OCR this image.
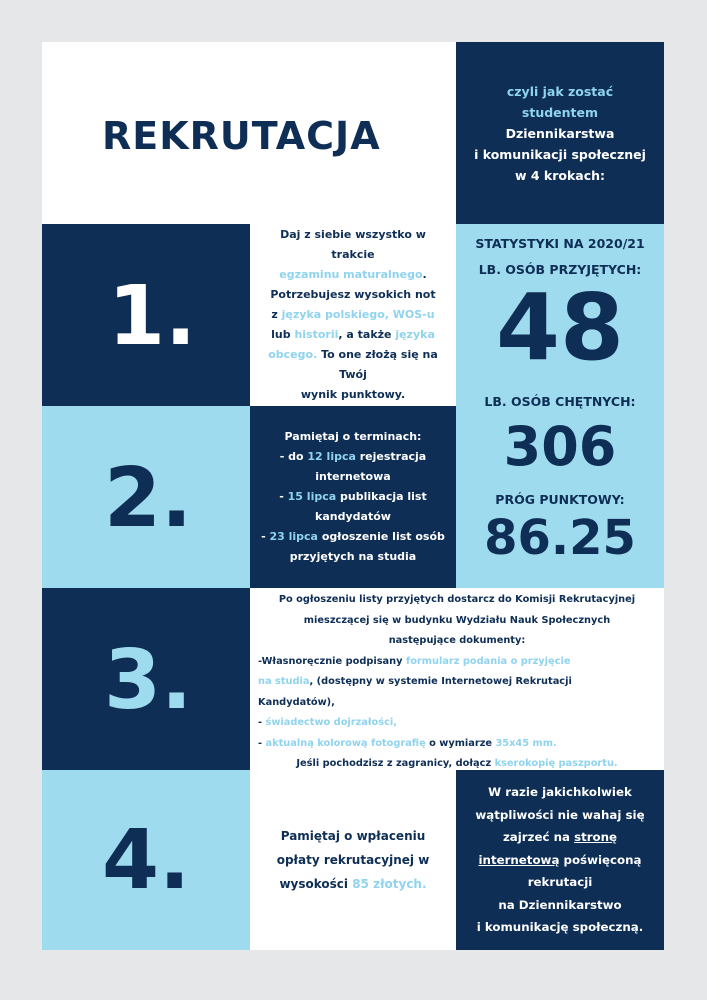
REKRUTACJA
czyli jak zostać
studentem
Dziennikarstwa
i komunikacji społecznej
w 4 krokach:
1.
Daj z siebie wszystko w trakcie
egzaminu maturalnego.
Potrzebujesz wysokich not
z języka polskiego, WOS-u
lub historii, a także języka
obcego. To one złożą się na Twój
wynik punktowy.
2.
Pamiętaj o terminach:
- do 12 lipca rejestracja
internetowa
- 15 lipca publikacja list
kandydatów
- 23 lipca ogłoszenie list osób
przyjętych na studia
STATYSTYKI NA 2020/21
LB. OSÓB PRZYJĘTYCH:
48
LB. OSÓB CHĘTNYCH:
306
PRÓG PUNKTOWY:
86.25
3.
Po ogłoszeniu listy przyjętych dostarcz do Komisji Rekrutacyjnej
mieszczącej się w budynku Wydziału Nauk Społecznych
następujące dokumenty:
-Własnoręcznie podpisany formularz podania o przyjęcie
na studia, (dostępny w systemie Internetowej Rekrutacji
Kandydatów),
- świadectwo dojrzałości,
- aktualną kolorową fotografię o wymiarze 35x45 mm.
Jeśli pochodzisz z zagranicy, dołącz kserokopię paszportu.
4.	Pamiętaj o wpłaceniu
opłaty rekrutacyjnej w
wysokości 85 złotych.
W razie jakichkolwiek
wątpliwości nie wahaj się
zajrzeć na stronę
internetową poświęconą
rekrutacji
na Dziennikarstwo
i komunikację społeczną.
